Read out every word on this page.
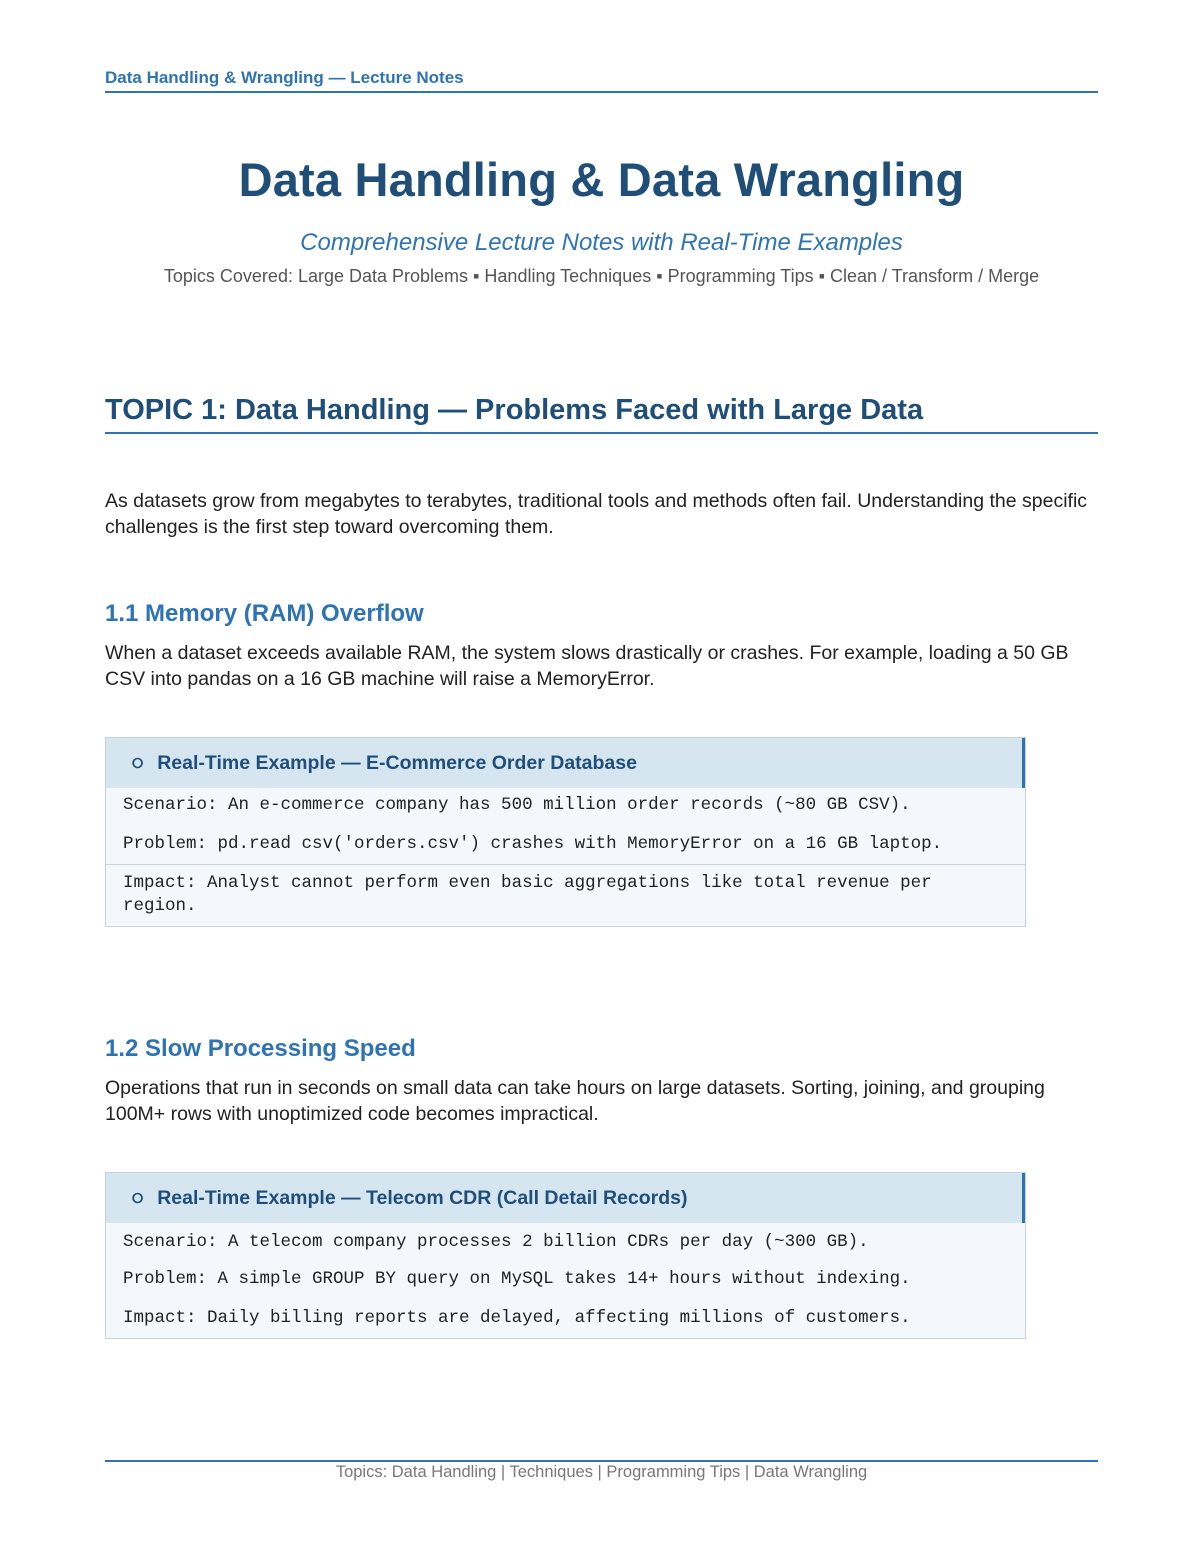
Data Handling & Wrangling — Lecture Notes
Data Handling & Data Wrangling
Comprehensive Lecture Notes with Real-Time Examples
Topics Covered: Large Data Problems ▪ Handling Techniques ▪ Programming Tips ▪ Clean / Transform / Merge
TOPIC 1: Data Handling — Problems Faced with Large Data
As datasets grow from megabytes to terabytes, traditional tools and methods often fail. Understanding the specific challenges is the first step toward overcoming them.
1.1 Memory (RAM) Overflow
When a dataset exceeds available RAM, the system slows drastically or crashes. For example, loading a 50 GB CSV into pandas on a 16 GB machine will raise a MemoryError.
⭘ Real-Time Example — E-Commerce Order Database
Scenario: An e-commerce company has 500 million order records (~80 GB CSV).
Problem: pd.read csv('orders.csv') crashes with MemoryError on a 16 GB laptop.
Impact: Analyst cannot perform even basic aggregations like total revenue per region.
1.2 Slow Processing Speed
Operations that run in seconds on small data can take hours on large datasets. Sorting, joining, and grouping 100M+ rows with unoptimized code becomes impractical.
⭘ Real-Time Example — Telecom CDR (Call Detail Records)
Scenario: A telecom company processes 2 billion CDRs per day (~300 GB).
Problem: A simple GROUP BY query on MySQL takes 14+ hours without indexing.
Impact: Daily billing reports are delayed, affecting millions of customers.
Topics: Data Handling | Techniques | Programming Tips | Data Wrangling
